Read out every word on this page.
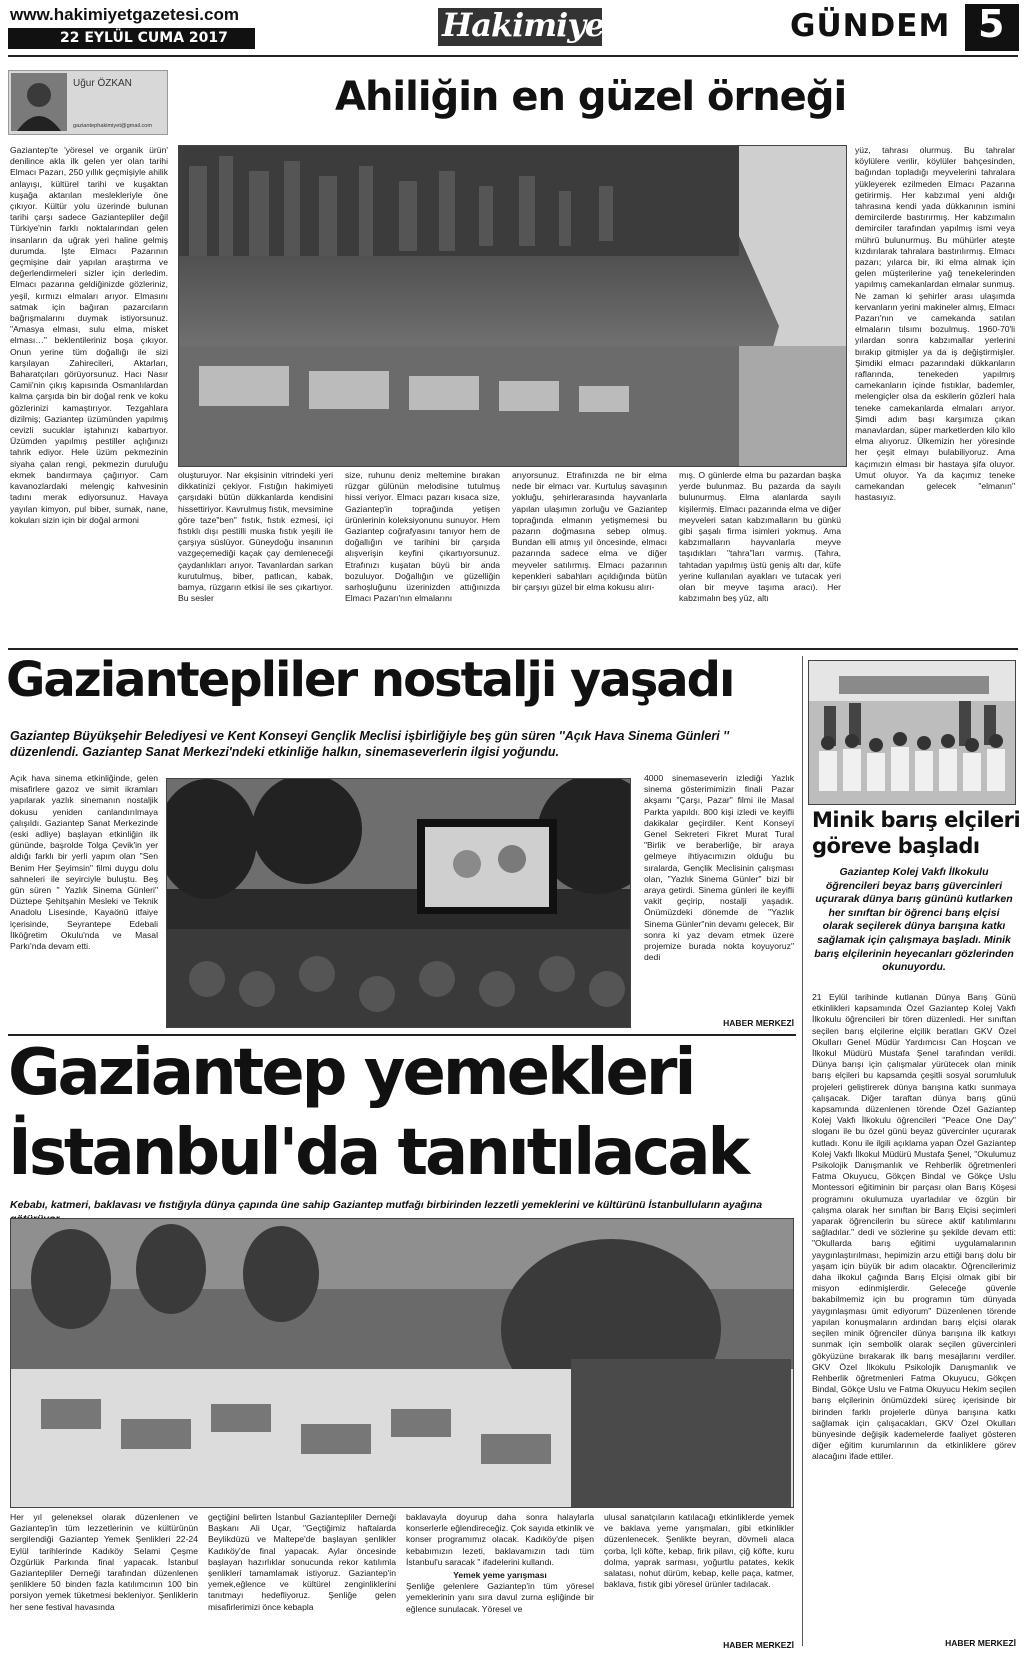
www.hakimiyetgazetesi.com
22 EYLÜL CUMA 2017	Hakimiyet	GÜNDEM 5
Uğur ÖZKAN
gaziantephakimiyet@gmail.com
Ahiliğin en güzel örneği

Gaziantep'te 'yöresel ve organik ürün' denilince akla ilk gelen yer olan tarihi Elmacı Pazarı, 250 yıllık geçmişiyle ahilik anlayışı, kültürel tarihi ve kuşaktan kuşağa aktarılan meslekleriyle öne çıkıyor. Kültür yolu üzerinde bulunan tarihi çarşı sadece Gaziantepliler değil Türkiye'nin farklı noktalarından gelen insanların da uğrak yeri haline gelmiş durumda. İşte Elmacı Pazarının geçmişine dair yapılan araştırma ve değerlendirmeleri sizler için derledim. Elmacı pazarına geldiğinizde gözleriniz, yeşil, kırmızı elmaları arıyor. Elmasını satmak için bağıran pazarcıların bağrışmalarını duymak istiyorsunuz. "Amasya elması, sulu elma, misket elması…" beklentileriniz boşa çıkıyor. Onun yerine tüm doğallığı ile sizi karşılayan Zahirecileri, Aktarları, Baharatçıları görüyorsunuz. Hacı Nasır Camii'nin çıkış kapısında Osmanlılardan kalma çarşıda bin bir doğal renk ve koku gözlerinizi kamaştırıyor. Tezgahlara dizilmiş; Gaziantep üzümünden yapılmış cevizli sucuklar iştahınızı kabartıyor. Üzümden yapılmış pestiller açlığınızı tahrik ediyor. Hele üzüm pekmezinin siyaha çalan rengi, pekmezin duruluğu ekmek bandırmaya çağırıyor. Cam kavanozlardaki melengiç kahvesinin tadını merak ediyorsunuz. Havaya yayılan kimyon, pul biber, sumak, nane, kokuları sizin için bir doğal armoni

oluşturuyor. Nar ekşisinin vitrindeki yeri dikkatinizi çekiyor. Fıstığın hakimiyeti çarşıdaki bütün dükkanlarda kendisini hissettiriyor. Kavrulmuş fıstık, mevsimine göre taze"ben" fıstık, fıstık ezmesi, içi fıstıklı dışı pestilli muska fıstık yeşili ile çarşıya süslüyor. Güneydoğu insanının vazgeçemediği kaçak çay demleneceği çaydanlıkları arıyor. Tavanlardan sarkan kurutulmuş, biber, patlıcan, kabak, bamya, rüzgarın etkisi ile ses çıkartıyor. Bu sesler

size, ruhunu deniz meltemine bırakan rüzgar gülünün melodisine tutulmuş hissi veriyor. Elmacı pazarı kısaca size, Gaziantep'in toprağında yetişen ürünlerinin koleksiyonunu sunuyor. Hem Gaziantep coğrafyasını tanıyor hem de doğallığın ve tarihini bir çarşıda alışverişin keyfini çıkartıyorsunuz. Etrafınızı kuşatan büyü bir anda bozuluyor. Doğallığın ve güzelliğin sarhoşluğunu üzerinizden attığınızda Elmacı Pazarı'nın elmalarını

arıyorsunuz. Etrafınızda ne bir elma nede bir elmacı var. Kurtuluş savaşının yokluğu, şehirlerarasında hayvanlarla yapılan ulaşımın zorluğu ve Gaziantep toprağında elmanın yetişmemesi bu pazarın doğmasına sebep olmuş. Bundan elli atmış yıl öncesinde, elmacı pazarında sadece elma ve diğer meyveler satılırmış. Elmacı pazarının kepenkleri sabahları açıldığında bütün bir çarşıyı güzel bir elma kokusu alırı-

mış. O günlerde elma bu pazardan başka yerde bulunmaz. Bu pazarda da sayılı bulunurmuş. Elma alanlarda sayılı kişilermiş. Elmacı pazarında elma ve diğer meyveleri satan kabzımalların bu günkü gibi şaşalı firma isimleri yokmuş. Ama kabzımalların hayvanlarla meyve taşıdıkları "tahra"ları varmış. (Tahra, tahtadan yapılmış üstü geniş altı dar, küfe yerine kullanılan ayakları ve tutacak yeri olan bir meyve taşıma aracı). Her kabzımalın beş yüz, altı

yüz, tahrası olurmuş. Bu tahralar köylülere verilir, köylüler bahçesinden, bağından topladığı meyvelerini tahralara yükleyerek ezilmeden Elmacı Pazarına getirirmiş. Her kabzımal yeni aldığı tahrasına kendi yada dükkanının ismini demircilerde bastırırmış. Her kabzımalın demirciler tarafından yapılmış ismi veya mührü bulunurmuş. Bu mühürler ateşte kızdırılarak tahralara bastırılırmış. Elmacı pazarı; yılarca bir, iki elma almak için gelen müşterilerine yağ tenekelerinden yapılmış camekanlardan elmalar sunmuş. Ne zaman ki şehirler arası ulaşımda kervanların yerini makineler almış, Elmacı Pazarı'nın ve camekanda satılan elmaların tılsımı bozulmuş. 1960-70'li yılardan sonra kabzımallar yerlerini bırakıp gitmişler ya da iş değiştirmişler. Şimdiki elmacı pazarındaki dükkanların raflarında, tenekeden yapılmış camekanların içinde fıstıklar, bademler, melengiçler olsa da eskilerin gözleri hala teneke camekanlarda elmaları arıyor. Şimdi adım başı karşımıza çıkan manavlardan, süper marketlerden kilo kilo elma alıyoruz. Ülkemizin her yöresinde her çeşit elmayı bulabiliyoruz. Ama kaçımızın elması bir hastaya şifa oluyor. Umut oluyor. Ya da kaçımız teneke camekandan gelecek "elmanın" hastasıyız.

Gaziantepliler nostalji yaşadı
Gaziantep Büyükşehir Belediyesi ve Kent Konseyi Gençlik Meclisi işbirliğiyle beş gün süren ''Açık Hava Sinema Günleri '' düzenlendi. Gaziantep Sanat Merkezi'ndeki etkinliğe halkın, sinemaseverlerin ilgisi yoğundu.

Açık hava sinema etkinliğinde, gelen misafirlere gazoz ve simit ikramları yapılarak yazlık sinemanın nostaljik dokusu yeniden canlandırılmaya çalışıldı. Gaziantep Sanat Merkezinde (eski adliye) başlayan etkinliğin ilk gününde, başrolde Tolga Çevik'in yer aldığı farklı bir yerli yapım olan "Sen Benim Her Şeyimsin" filmi duygu dolu sahneleri ile seyirciyle buluştu. Beş gün süren " Yazlık Sinema Günleri" Düztepe Şehitşahin Mesleki ve Teknik Anadolu Lisesinde, Kayaönü itfaiye içerisinde, Seyrantepe Edebali İlköğretim Okulu'nda ve Masal Parkı'nda devam etti.

4000 sinemaseverin izlediği Yazlık sinema gösterimimizin finali Pazar akşamı "Çarşı, Pazar" filmi ile Masal Parkta yapıldı. 800 kişi izledi ve keyifli dakikalar geçirdiler. Kent Konseyi Genel Sekreteri Fikret Murat Tural "Birlik ve beraberliğe, bir araya gelmeye ihtiyacımızın olduğu bu sıralarda, Gençlik Meclisinin çalışması olan, "Yazlık Sinema Günler" bizi bir araya getirdi. Sinema günleri ile keyifli vakit geçirip, nostalji yaşadık. Önümüzdeki dönemde de "Yazlık Sinema Günler"nin devamı gelecek, Bir sonra ki yaz devam etmek üzere projemize burada nokta koyuyoruz" dedi

HABER MERKEZİ
Minik barış elçileri
göreve başladı
Gaziantep Kolej Vakfı İlkokulu öğrencileri beyaz barış güvercinleri uçurarak dünya barış gününü kutlarken her sınıftan bir öğrenci barış elçisi olarak seçilerek dünya barışına katkı sağlamak için çalışmaya başladı. Minik barış elçilerinin heyecanları gözlerinden okunuyordu.

21 Eylül tarihinde kutlanan Dünya Barış Günü etkinlikleri kapsamında Özel Gaziantep Kolej Vakfı İlkokulu öğrencileri bir tören düzenledi. Her sınıftan seçilen barış elçilerine elçilik beratları GKV Özel Okulları Genel Müdür Yardımcısı Can Hoşcan ve İlkokul Müdürü Mustafa Şenel tarafından verildi. Dünya barışı için çalışmalar yürütecek olan minik barış elçileri bu kapsamda çeşitli sosyal sorumluluk projeleri geliştirerek dünya barışına katkı sunmaya çalışacak. Diğer taraftan dünya barış günü kapsamında düzenlenen törende Özel Gaziantep Kolej Vakfı İlkokulu öğrencileri "Peace One Day" sloganı ile bu özel günü beyaz güvercinler uçurarak kutladı. Konu ile ilgili açıklama yapan Özel Gaziantep Kolej Vakfı İlkokul Müdürü Mustafa Şenel, "Okulumuz Psikolojik Danışmanlık ve Rehberlik öğretmenleri Fatma Okuyucu, Gökçen Bindal ve Gökçe Uslu Montessori eğitiminin bir parçası olan Barış Köşesi programını okulumuza uyarladılar ve özgün bir çalışma olarak her sınıftan bir Barış Elçisi seçimleri yaparak öğrencilerin bu sürece aktif katılımlarını sağladılar." dedi ve sözlerine şu şekilde devam etti: "Okullarda barış eğitimi uygulamalarının yaygınlaştırılması, hepimizin arzu ettiği barış dolu bir yaşam için büyük bir adım olacaktır. Öğrencilerimiz daha ilkokul çağında Barış Elçisi olmak gibi bir misyon edinmişlerdir. Geleceğe güvenle bakabilmemiz için bu programın tüm dünyada yaygınlaşması ümit ediyorum" Düzenlenen törende yapılan konuşmaların ardından barış elçisi olarak seçilen minik öğrenciler dünya barışına ilk katkıyı sunmak için sembolik olarak seçilen güvercinleri gökyüzüne bırakarak ilk barış mesajlarını verdiler. GKV Özel İlkokulu Psikolojik Danışmanlık ve Rehberlik öğretmenleri Fatma Okuyucu, Gökçen Bindal, Gökçe Uslu ve Fatma Okuyucu Hekim seçilen barış elçilerinin önümüzdeki süreç içerisinde bir birinden farklı projelerle dünya barışına katkı sağlamak için çalışacakları, GKV Özel Okulları bünyesinde değişik kademelerde faaliyet gösteren diğer eğitim kurumlarının da etkinliklere görev alacağını ifade ettiler.

HABER MERKEZİ
Gaziantep yemekleri
İstanbul'da tanıtılacak
Kebabı, katmeri, baklavası ve fıstığıyla dünya çapında üne sahip Gaziantep mutfağı birbirinden lezzetli yemeklerini ve kültürünü İstanbulluların ayağına

Her yıl geleneksel olarak düzenlenen ve Gaziantep'in tüm lezzetlerinin ve kültürünün sergilendiği Gaziantep Yemek Şenlikleri 22-24 Eylül tarihlerinde Kadıköy Selami Çeşme Özgürlük Parkında final yapacak. İstanbul Gaziantepliler Derneği tarafından düzenlenen şenliklere 50 binden fazla katılımcının 100 bin porsiyon yemek tüketmesi bekleniyor. Şenliklerin her sene festival havasında

geçtiğini belirten İstanbul Gaziantepliler Derneği Başkanı Ali Uçar, "Geçtiğimiz haftalarda Beylikdüzü ve Maltepe'de başlayan şenlikler Kadıköy'de final yapacak. Aylar öncesinde başlayan hazırlıklar sonucunda rekor katılımla şenlikleri tamamlamak istiyoruz. Gaziantep'in yemek,eğlence ve kültürel zenginliklerini tanıtmayı hedefliyoruz. Şenliğe gelen misafirlerimizi önce kebapla

baklavayla doyurup daha sonra halaylarla konserlerle eğlendireceğiz. Çok sayıda etkinlik ve konser programımız olacak. Kadıköy'de pişen kebabımızın lezeti, baklavamızın tadı tüm İstanbul'u saracak " ifadelerini kullandı.

Yemek yeme yarışması

Şenliğe gelenlere Gaziantep'in tüm yöresel yemeklerinin yanı sıra davul zurna eşliğinde bir eğlence sunulacak. Yöresel ve

ulusal sanatçıların katılacağı etkinliklerde yemek ve baklava yeme yarışmaları, gibi etkinlikler düzenlenecek. Şenlikte beyran, dövmeli alaca çorba, İçli köfte, kebap, firik pilavı, çiğ köfte, kuru dolma, yaprak sarması, yoğurtlu patates, kekik salatası, nohut dürüm, kebap, kelle paça, katmer, baklava, fıstık gibi yöresel ürünler tadılacak.

HABER MERKEZİ
